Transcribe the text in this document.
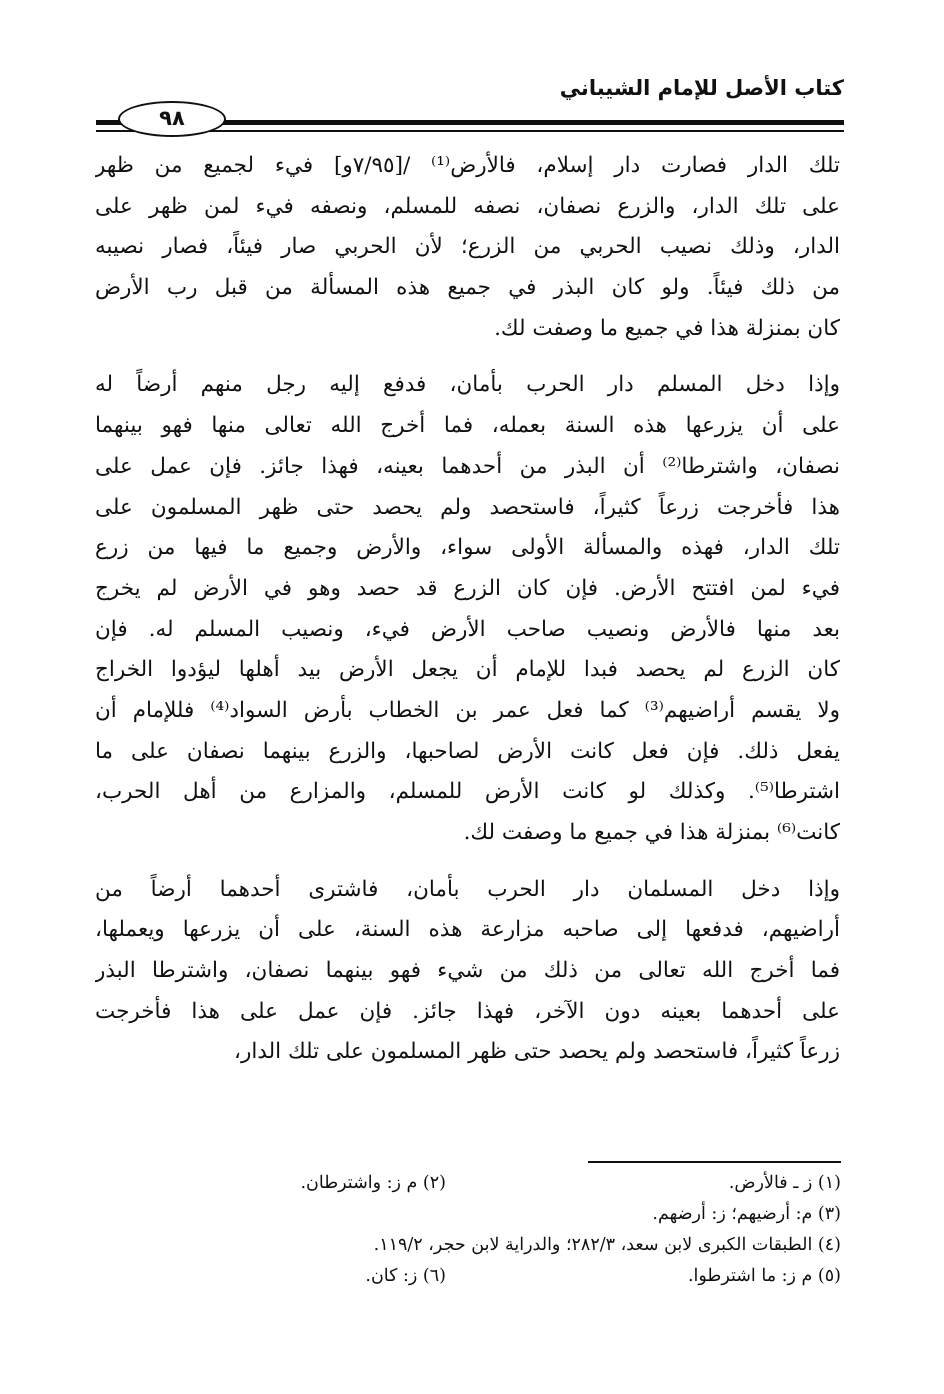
كتاب الأصل للإمام الشيباني
٩٨

تلك الدار فصارت دار إسلام، فالأرض⁽¹⁾ /[٧/٩٥و] فيء لجميع من ظهر
على تلك الدار، والزرع نصفان، نصفه للمسلم، ونصفه فيء لمن ظهر على
الدار، وذلك نصيب الحربي من الزرع؛ لأن الحربي صار فيئاً، فصار نصيبه
من ذلك فيئاً. ولو كان البذر في جميع هذه المسألة من قبل رب الأرض
كان بمنزلة هذا في جميع ما وصفت لك.

وإذا دخل المسلم دار الحرب بأمان، فدفع إليه رجل منهم أرضاً له
على أن يزرعها هذه السنة بعمله، فما أخرج الله تعالى منها فهو بينهما
نصفان، واشترطا⁽²⁾ أن البذر من أحدهما بعينه، فهذا جائز. فإن عمل على
هذا فأخرجت زرعاً كثيراً، فاستحصد ولم يحصد حتى ظهر المسلمون على
تلك الدار، فهذه والمسألة الأولى سواء، والأرض وجميع ما فيها من زرع
فيء لمن افتتح الأرض. فإن كان الزرع قد حصد وهو في الأرض لم يخرج
بعد منها فالأرض ونصيب صاحب الأرض فيء، ونصيب المسلم له. فإن
كان الزرع لم يحصد فبدا للإمام أن يجعل الأرض بيد أهلها ليؤدوا الخراج
ولا يقسم أراضيهم⁽³⁾ كما فعل عمر بن الخطاب بأرض السواد⁽⁴⁾ فللإمام أن
يفعل ذلك. فإن فعل كانت الأرض لصاحبها، والزرع بينهما نصفان على ما
اشترطا⁽⁵⁾. وكذلك لو كانت الأرض للمسلم، والمزارع من أهل الحرب،
كانت⁽⁶⁾ بمنزلة هذا في جميع ما وصفت لك.

وإذا دخل المسلمان دار الحرب بأمان، فاشترى أحدهما أرضاً من
أراضيهم، فدفعها إلى صاحبه مزارعة هذه السنة، على أن يزرعها ويعملها،
فما أخرج الله تعالى من ذلك من شيء فهو بينهما نصفان، واشترطا البذر
على أحدهما بعينه دون الآخر، فهذا جائز. فإن عمل على هذا فأخرجت
زرعاً كثيراً، فاستحصد ولم يحصد حتى ظهر المسلمون على تلك الدار،

(١) ز ـ فالأرض.
(٢) م ز: واشترطان.
(٣) م: أرضيهم؛ ز: أرضهم.
(٤) الطبقات الكبرى لابن سعد، ٢٨٢/٣؛ والدراية لابن حجر، ١١٩/٢.
(٥) م ز: ما اشترطوا.
(٦) ز: كان.
